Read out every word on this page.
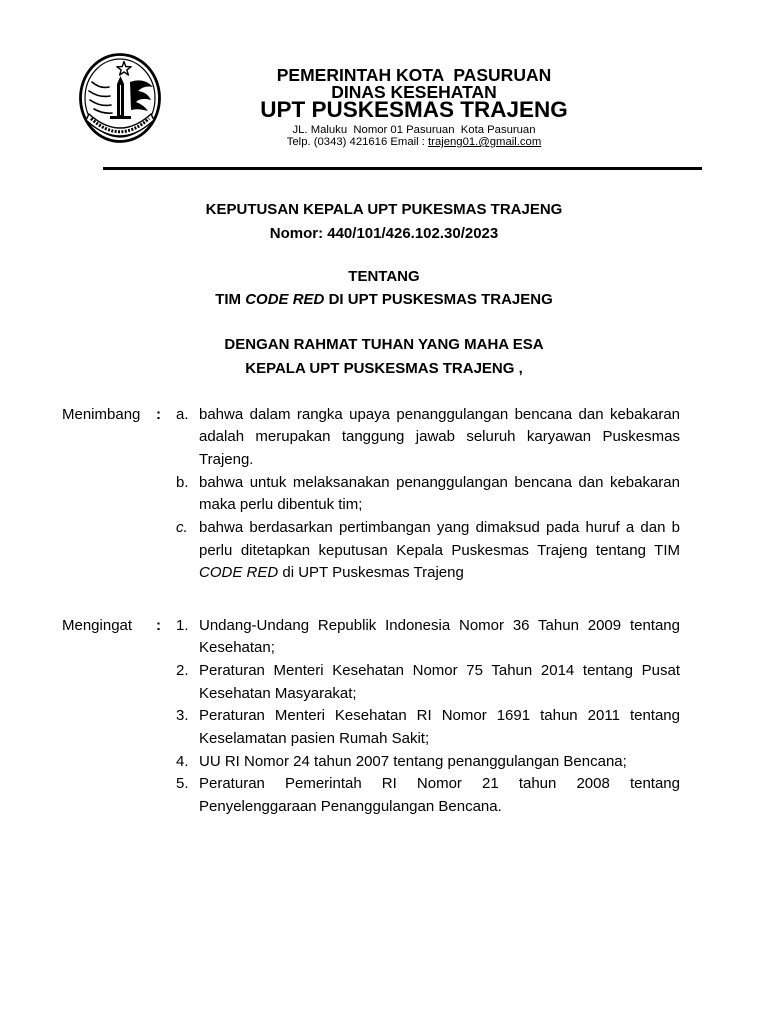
PEMERINTAH KOTA  PASURUAN
DINAS KESEHATAN
UPT PUSKESMAS TRAJENG
JL. Maluku  Nomor 01 Pasuruan  Kota Pasuruan
Telp. (0343) 421616 Email : trajeng01.@gmail.com
KEPUTUSAN KEPALA UPT PUKESMAS TRAJENG
Nomor: 440/101/426.102.30/2023
TENTANG
TIM CODE RED DI UPT PUSKESMAS TRAJENG
DENGAN RAHMAT TUHAN YANG MAHA ESA
KEPALA UPT PUSKESMAS TRAJENG ,
Menimbang : a. bahwa dalam rangka upaya penanggulangan bencana dan kebakaran
adalah merupakan tanggung jawab seluruh karyawan Puskesmas
Trajeng.
b. bahwa untuk melaksanakan penanggulangan bencana dan kebakaran
maka perlu dibentuk tim;
c. bahwa berdasarkan pertimbangan yang dimaksud pada huruf a dan b
perlu ditetapkan keputusan Kepala Puskesmas Trajeng tentang TIM
CODE RED di UPT Puskesmas Trajeng
Mengingat : 1. Undang-Undang Republik Indonesia Nomor 36 Tahun 2009 tentang
Kesehatan;
2. Peraturan Menteri Kesehatan Nomor 75 Tahun 2014 tentang Pusat
Kesehatan Masyarakat;
3. Peraturan Menteri Kesehatan RI Nomor 1691 tahun 2011 tentang
Keselamatan pasien Rumah Sakit;
4. UU RI Nomor 24 tahun 2007 tentang penanggulangan Bencana;
5. Peraturan Pemerintah RI Nomor 21 tahun 2008 tentang
Penyelenggaraan Penanggulangan Bencana.
